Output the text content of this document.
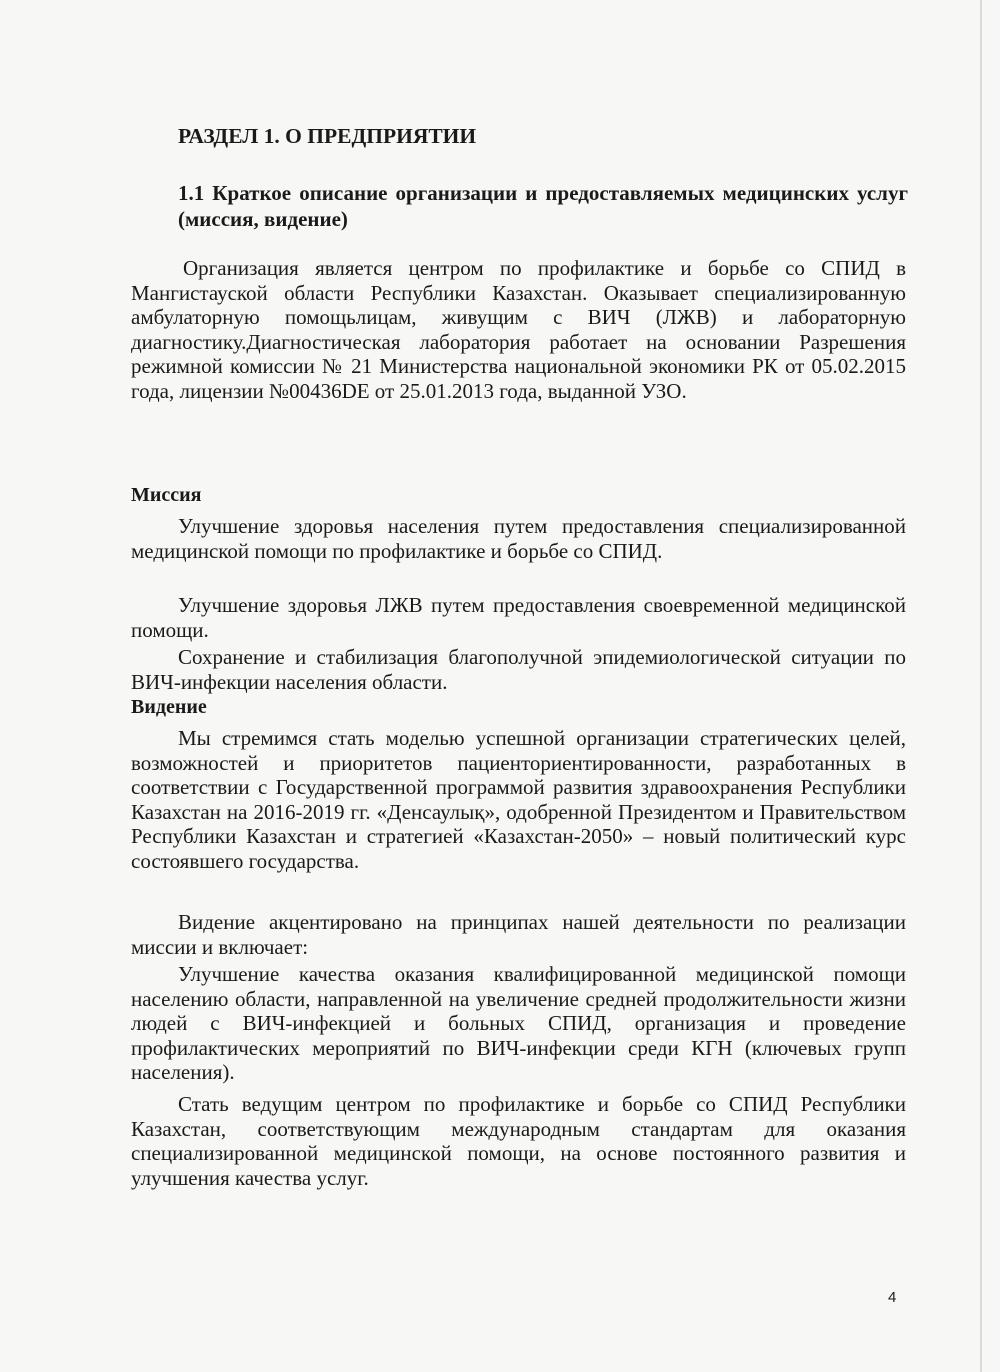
РАЗДЕЛ 1. О ПРЕДПРИЯТИИ
1.1 Краткое описание организации и предоставляемых медицинских услуг (миссия, видение)

Организация является центром по профилактике и борьбе со СПИД в Мангистауской области Республики Казахстан. Оказывает специализированную амбулаторную помощьлицам, живущим с ВИЧ (ЛЖВ) и лабораторную диагностику.Диагностическая лаборатория работает на основании Разрешения режимной комиссии № 21 Министерства национальной экономики РК от 05.02.2015 года, лицензии №00436DE от 25.01.2013 года, выданной УЗО.

Миссия

Улучшение здоровья населения путем предоставления специализированной медицинской помощи по профилактике и борьбе со СПИД.

Улучшение здоровья ЛЖВ путем предоставления своевременной медицинской помощи.

Сохранение и стабилизация благополучной эпидемиологической ситуации по ВИЧ-инфекции населения области.

Видение

Мы стремимся стать моделью успешной организации стратегических целей, возможностей и приоритетов пациенториентированности, разработанных в соответствии с Государственной программой развития здравоохранения Республики Казахстан на 2016-2019 гг. «Денсаулық», одобренной Президентом и Правительством Республики Казахстан и стратегией «Казахстан-2050» – новый политический курс состоявшего государства.

Видение акцентировано на принципах нашей деятельности по реализации миссии и включает:

Улучшение качества оказания квалифицированной медицинской помощи населению области, направленной на увеличение средней продолжительности жизни людей с ВИЧ-инфекцией и больных СПИД, организация и проведение профилактических мероприятий по ВИЧ-инфекции среди КГН (ключевых групп населения).

Стать ведущим центром по профилактике и борьбе со СПИД Республики Казахстан, соответствующим международным стандартам для оказания специализированной медицинской помощи, на основе постоянного развития и улучшения качества услуг.

4
